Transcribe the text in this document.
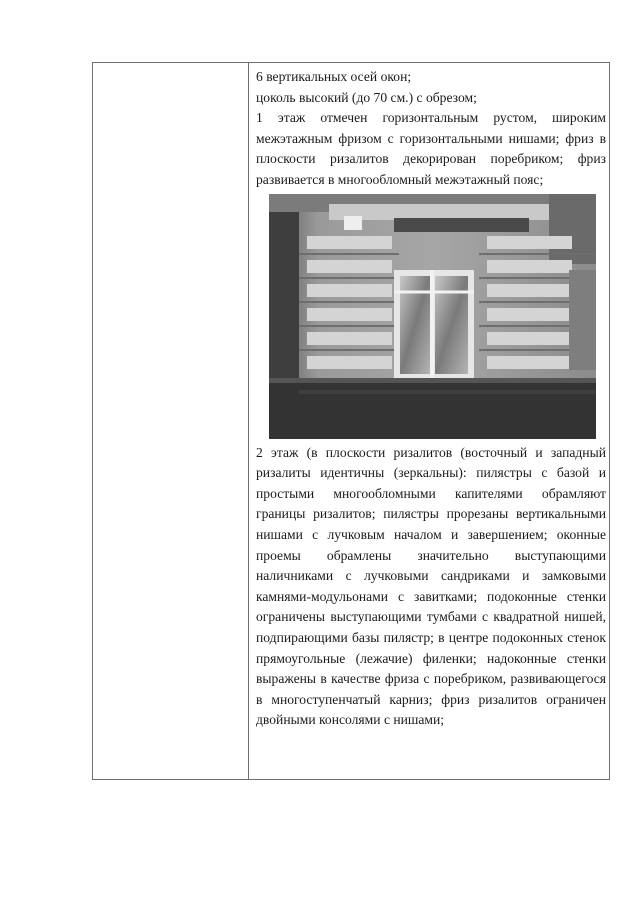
6 вертикальных осей окон;

цоколь высокий (до 70 см.) с обрезом;

1 этаж отмечен горизонтальным рустом, широким межэтажным фризом с горизонтальными нишами; фриз в плоскости ризалитов декорирован поребриком; фриз развивается в многообломный межэтажный пояс;

2 этаж (в плоскости ризалитов (восточный и западный ризалиты идентичны (зеркальны): пилястры с базой и простыми многообломными капителями обрамляют границы ризалитов; пилястры прорезаны вертикальными нишами с лучковым началом и завершением; оконные проемы обрамлены значительно выступающими наличниками с лучковыми сандриками и замковыми камнями-модульонами с завитками; подоконные стенки ограничены выступающими тумбами с квадратной нишей, подпирающими базы пилястр; в центре подоконных стенок прямоугольные (лежачие) филенки; надоконные стенки выражены в качестве фриза с поребриком, развивающегося в многоступенчатый карниз; фриз ризалитов ограничен двойными консолями с нишами;
